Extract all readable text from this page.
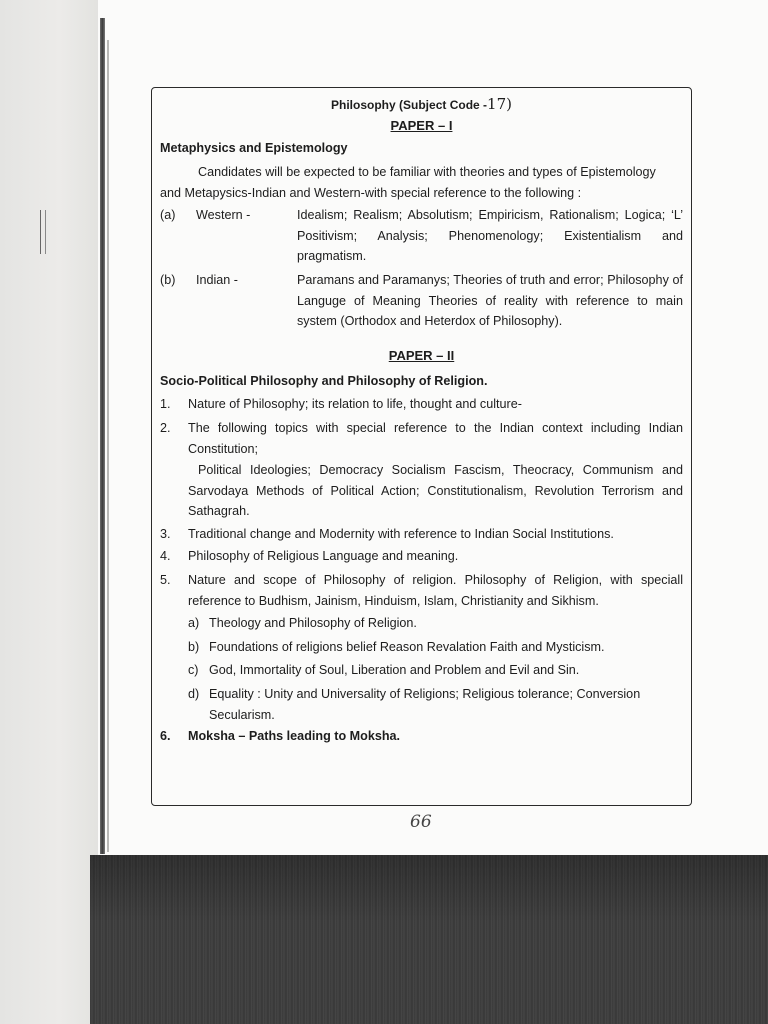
Philosophy (Subject Code -17)
PAPER – I
Metaphysics and Epistemology
Candidates will be expected to be familiar with theories and types of Epistemology
and Metapysics-Indian and Western-with special reference to the following :
(a) Western -	Idealism; Realism; Absolutism; Empiricism, Rationalism; Logica; ‘L’ Positivism; Analysis; Phenomenology; Existentialism and pragmatism.
(b) Indian -	Paramans and Paramanys; Theories of truth and error; Philosophy of Languge of Meaning Theories of reality with reference to main system (Orthodox and Heterdox of Philosophy).
PAPER – II
Socio-Political Philosophy and Philosophy of Religion.
1. Nature of Philosophy; its relation to life, thought and culture-
2. The following topics with special reference to the Indian context including Indian Constitution;
Political Ideologies; Democracy Socialism Fascism, Theocracy, Communism and Sarvodaya Methods of Political Action; Constitutionalism, Revolution Terrorism and Sathagrah.
3. Traditional change and Modernity with reference to Indian Social Institutions.
4. Philosophy of Religious Language and meaning.
5. Nature and scope of Philosophy of religion. Philosophy of Religion, with speciall reference to Budhism, Jainism, Hinduism, Islam, Christianity and Sikhism.
a) Theology and Philosophy of Religion.
b) Foundations of religions belief Reason Revalation Faith and Mysticism.
c) God, Immortality of Soul, Liberation and Problem and Evil and Sin.
d) Equality : Unity and Universality of Religions; Religious tolerance; Conversion Secularism.
6. Moksha – Paths leading to Moksha.
66
